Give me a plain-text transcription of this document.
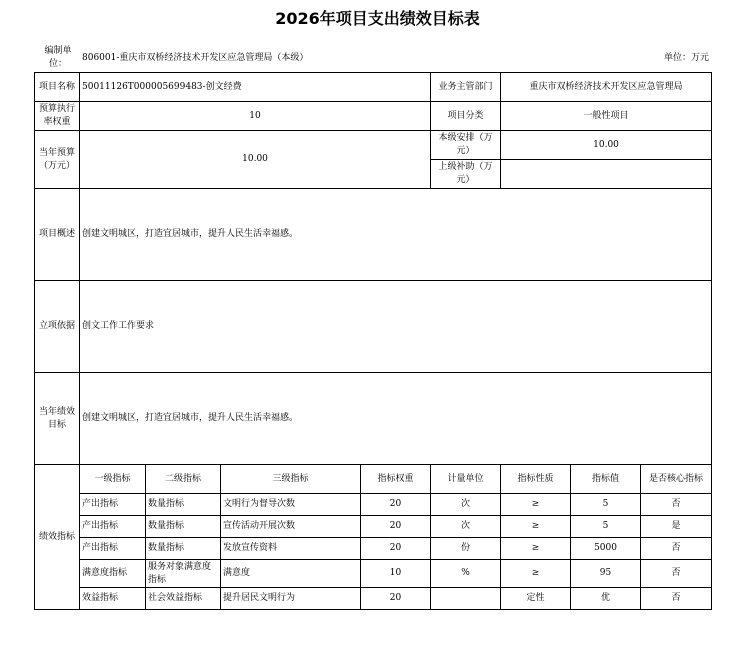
2026年项目支出绩效目标表
编制单位：
806001-重庆市双桥经济技术开发区应急管理局（本级）	单位：万元
项目名称	50011126T000005699483-创文经费				业务主管部门	重庆市双桥经济技术开发区应急管理局		
预算执行率权重	10				项目分类	一般性项目		
当年预算（万元）	10.00				本级安排（万元）	10.00		
					上级补助（万元）			
项目概述	创建文明城区，打造宜居城市，提升人民生活幸福感。							
立项依据	创文工作工作要求							
当年绩效目标	创建文明城区，打造宜居城市，提升人民生活幸福感。							
绩效指标	一级指标	二级指标	三级指标	指标权重	计量单位	指标性质	指标值	是否核心指标
	产出指标	数量指标	文明行为督导次数	20	次	≥	5	否
	产出指标	数量指标	宣传活动开展次数	20	次	≥	5	是
	产出指标	数量指标	发放宣传资料	20	份	≥	5000	否
	满意度指标	服务对象满意度指标	满意度	10	%	≥	95	否
	效益指标	社会效益指标	提升居民文明行为	20		定性	优	否
